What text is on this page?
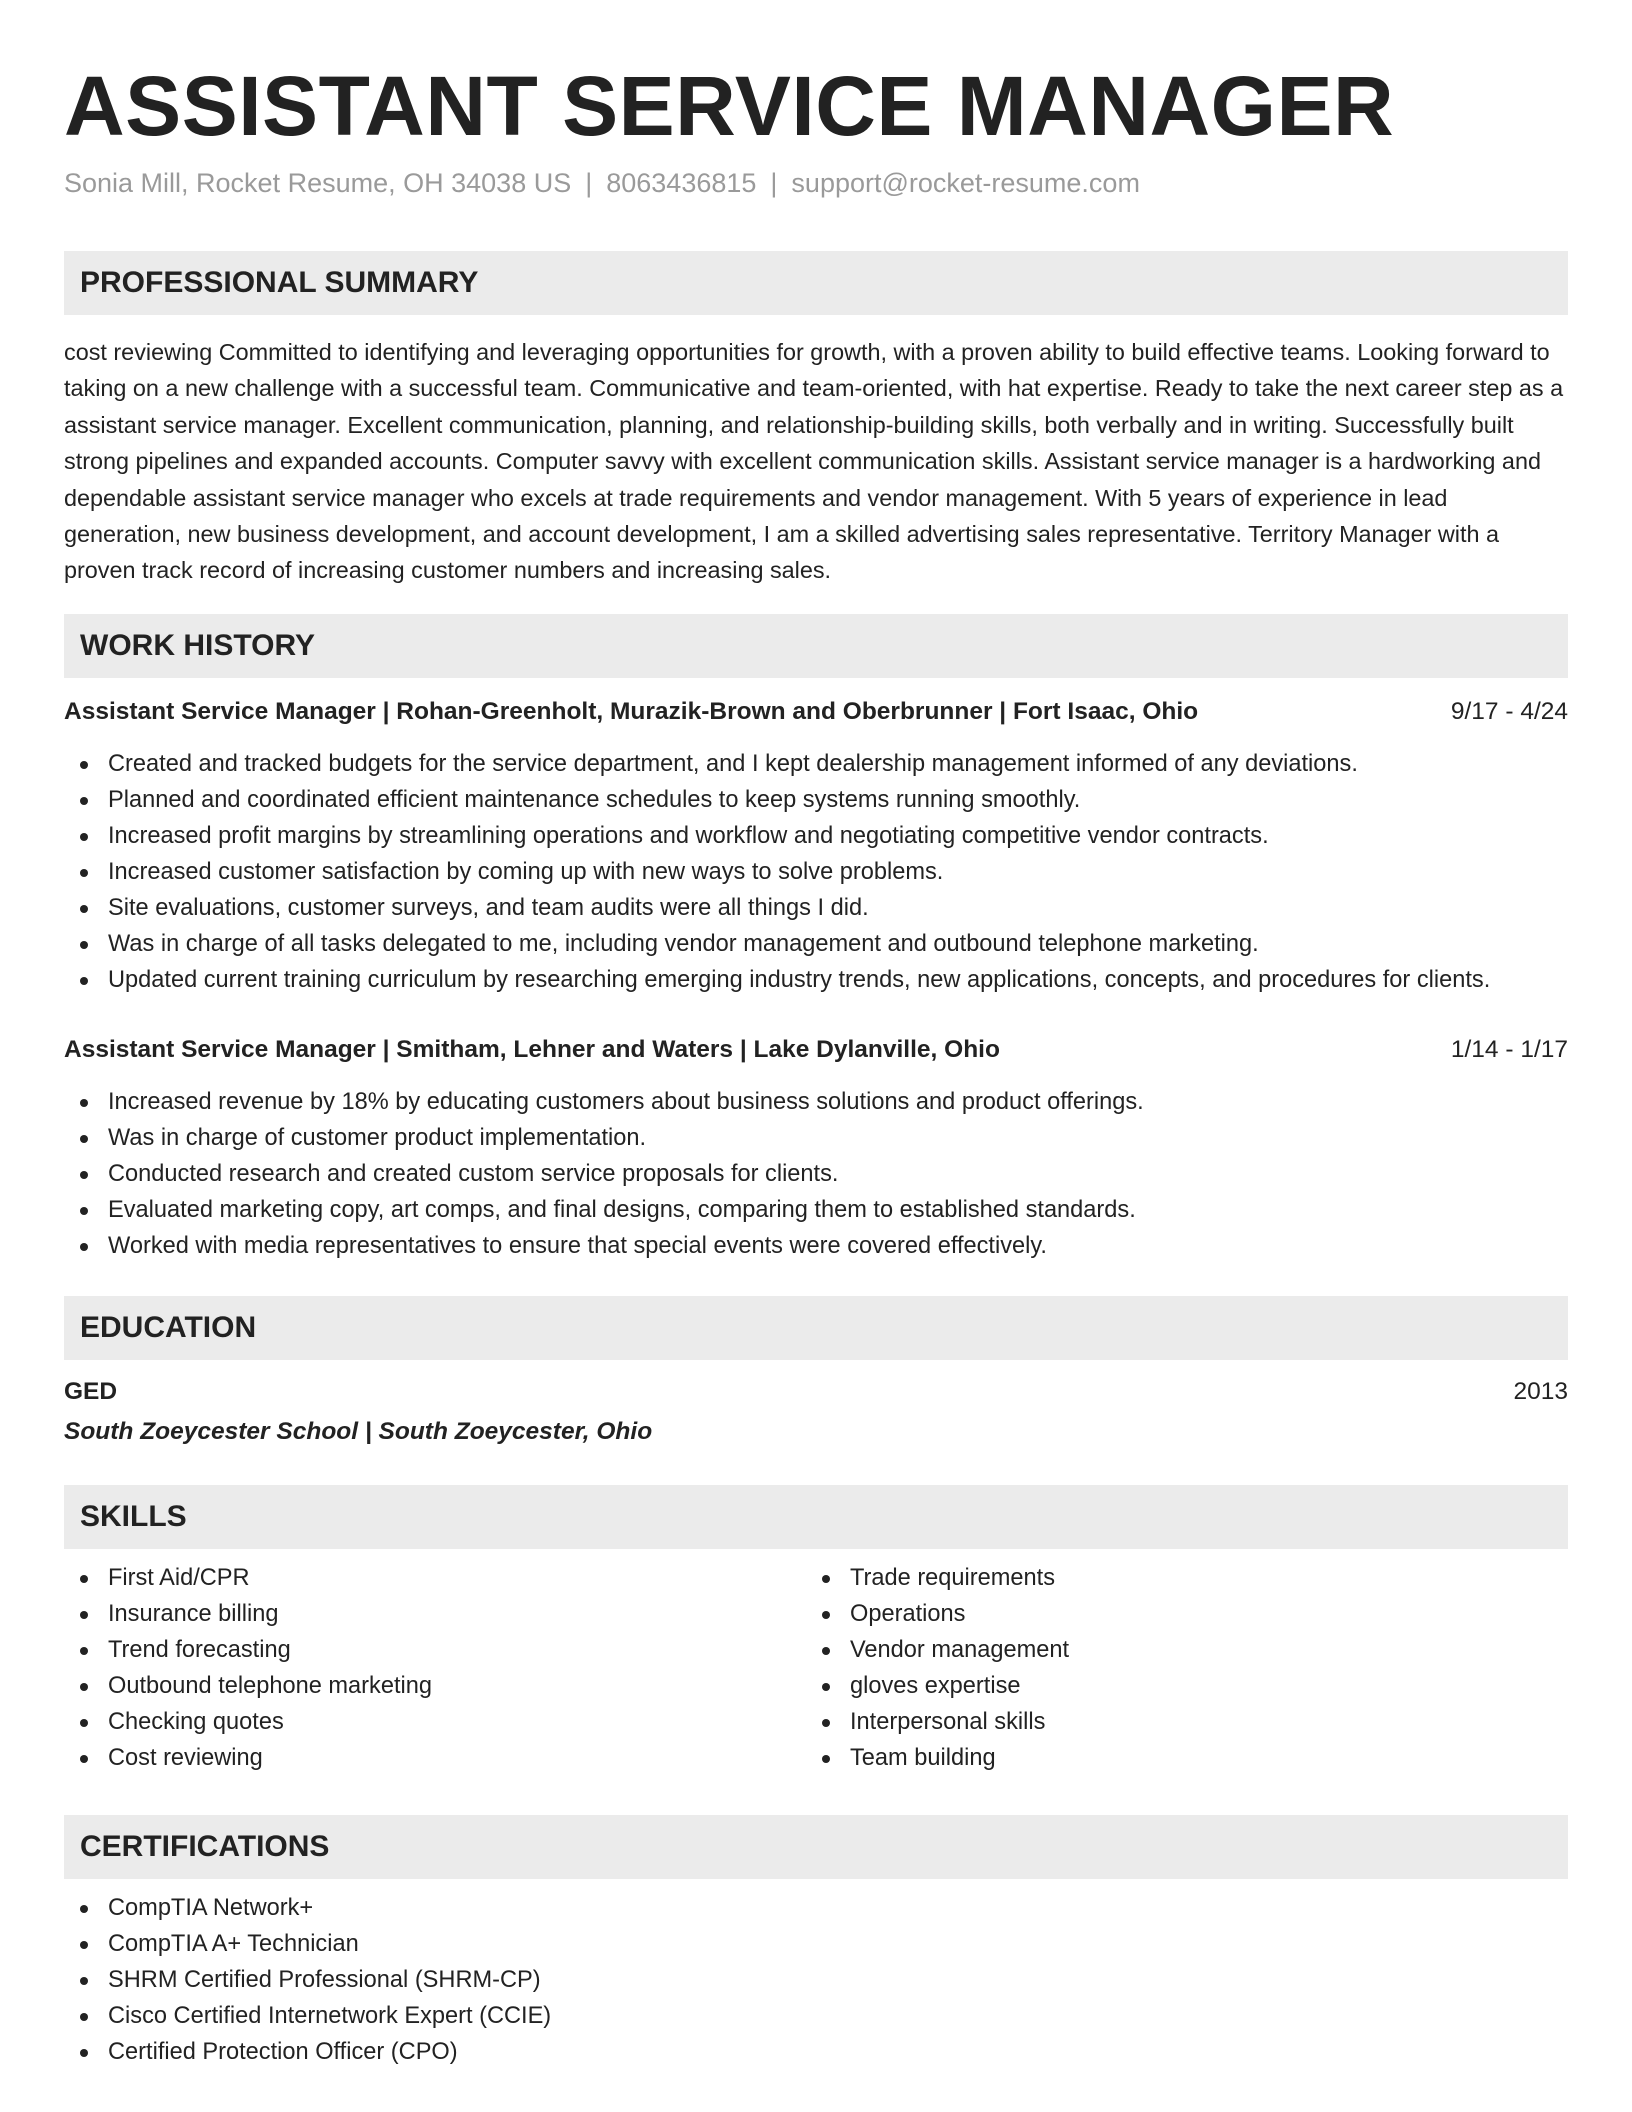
ASSISTANT SERVICE MANAGER
Sonia Mill, Rocket Resume, OH 34038 US | 8063436815 | support@rocket-resume.com
PROFESSIONAL SUMMARY
cost reviewing Committed to identifying and leveraging opportunities for growth, with a proven ability to build effective teams. Looking forward to taking on a new challenge with a successful team. Communicative and team-oriented, with hat expertise. Ready to take the next career step as a assistant service manager. Excellent communication, planning, and relationship-building skills, both verbally and in writing. Successfully built strong pipelines and expanded accounts. Computer savvy with excellent communication skills. Assistant service manager is a hardworking and dependable assistant service manager who excels at trade requirements and vendor management. With 5 years of experience in lead generation, new business development, and account development, I am a skilled advertising sales representative. Territory Manager with a proven track record of increasing customer numbers and increasing sales.
WORK HISTORY
Assistant Service Manager | Rohan-Greenholt, Murazik-Brown and Oberbrunner | Fort Isaac, Ohio	9/17 - 4/24
Created and tracked budgets for the service department, and I kept dealership management informed of any deviations.
Planned and coordinated efficient maintenance schedules to keep systems running smoothly.
Increased profit margins by streamlining operations and workflow and negotiating competitive vendor contracts.
Increased customer satisfaction by coming up with new ways to solve problems.
Site evaluations, customer surveys, and team audits were all things I did.
Was in charge of all tasks delegated to me, including vendor management and outbound telephone marketing.
Updated current training curriculum by researching emerging industry trends, new applications, concepts, and procedures for clients.
Assistant Service Manager | Smitham, Lehner and Waters | Lake Dylanville, Ohio	1/14 - 1/17
Increased revenue by 18% by educating customers about business solutions and product offerings.
Was in charge of customer product implementation.
Conducted research and created custom service proposals for clients.
Evaluated marketing copy, art comps, and final designs, comparing them to established standards.
Worked with media representatives to ensure that special events were covered effectively.
EDUCATION
GED	2013
South Zoeycester School | South Zoeycester, Ohio
SKILLS
First Aid/CPR
Insurance billing
Trend forecasting
Outbound telephone marketing
Checking quotes
Cost reviewing
Trade requirements
Operations
Vendor management
gloves expertise
Interpersonal skills
Team building
CERTIFICATIONS
CompTIA Network+
CompTIA A+ Technician
SHRM Certified Professional (SHRM-CP)
Cisco Certified Internetwork Expert (CCIE)
Certified Protection Officer (CPO)
